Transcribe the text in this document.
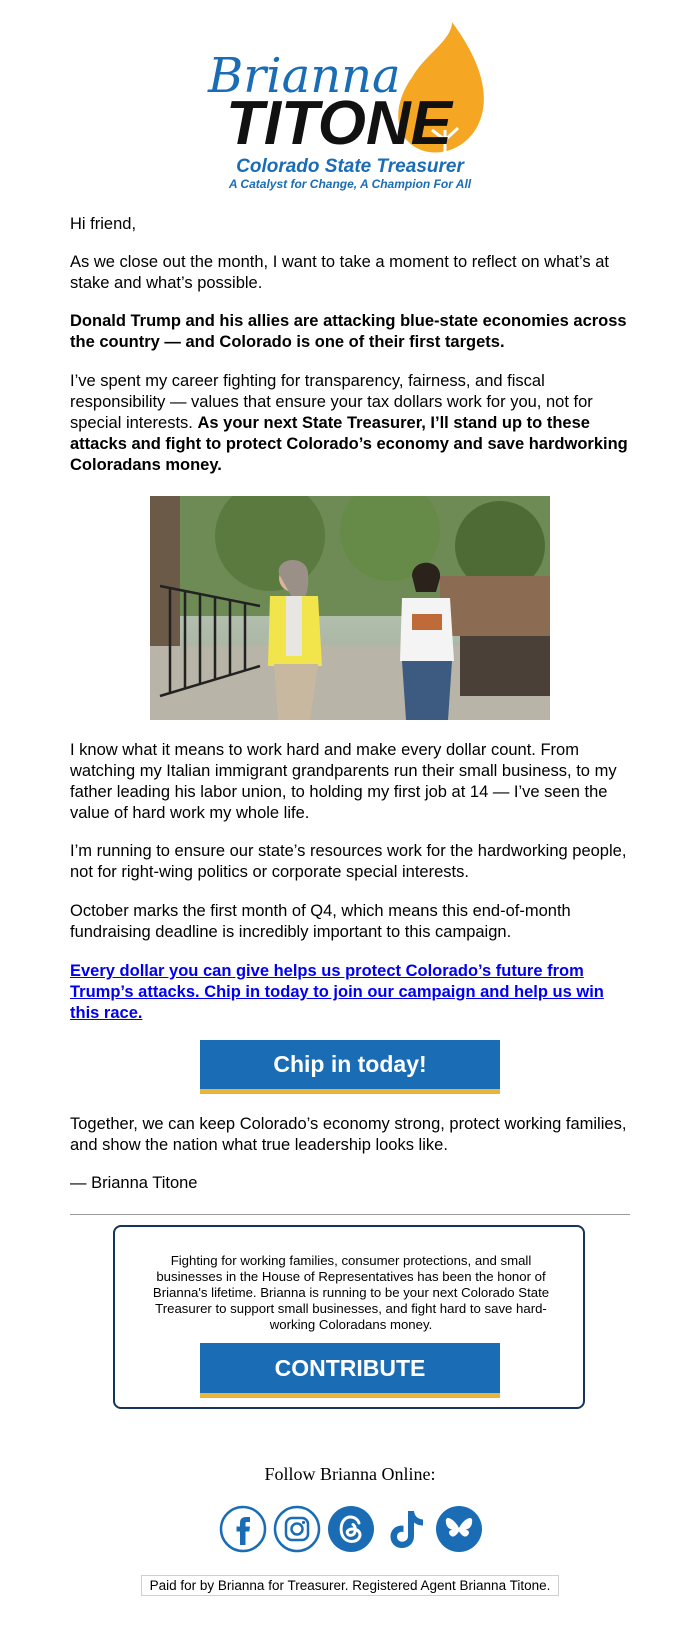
Brianna
TITONE
Colorado State Treasurer
A Catalyst for Change, A Champion For All

Hi friend,

As we close out the month, I want to take a moment to reflect on what’s at stake and what’s possible.

Donald Trump and his allies are attacking blue-state economies across the country — and Colorado is one of their first targets.

I’ve spent my career fighting for transparency, fairness, and fiscal responsibility — values that ensure your tax dollars work for you, not for special interests. As your next State Treasurer, I’ll stand up to these attacks and fight to protect Colorado’s economy and save hardworking Coloradans money.

I know what it means to work hard and make every dollar count. From watching my Italian immigrant grandparents run their small business, to my father leading his labor union, to holding my first job at 14 — I’ve seen the value of hard work my whole life.

I’m running to ensure our state’s resources work for the hardworking people, not for right-wing politics or corporate special interests.

October marks the first month of Q4, which means this end-of-month fundraising deadline is incredibly important to this campaign.

Every dollar you can give helps us protect Colorado’s future from Trump’s attacks. Chip in today to join our campaign and help us win this race.
Chip in today!

Together, we can keep Colorado’s economy strong, protect working families, and show the nation what true leadership looks like.

— Brianna Titone

Fighting for working families, consumer protections, and small businesses in the House of Representatives has been the honor of Brianna's lifetime. Brianna is running to be your next Colorado State Treasurer to support small businesses, and fight hard to save hard-working Coloradans money.
CONTRIBUTE
Follow Brianna Online:
Paid for by Brianna for Treasurer. Registered Agent Brianna Titone.
